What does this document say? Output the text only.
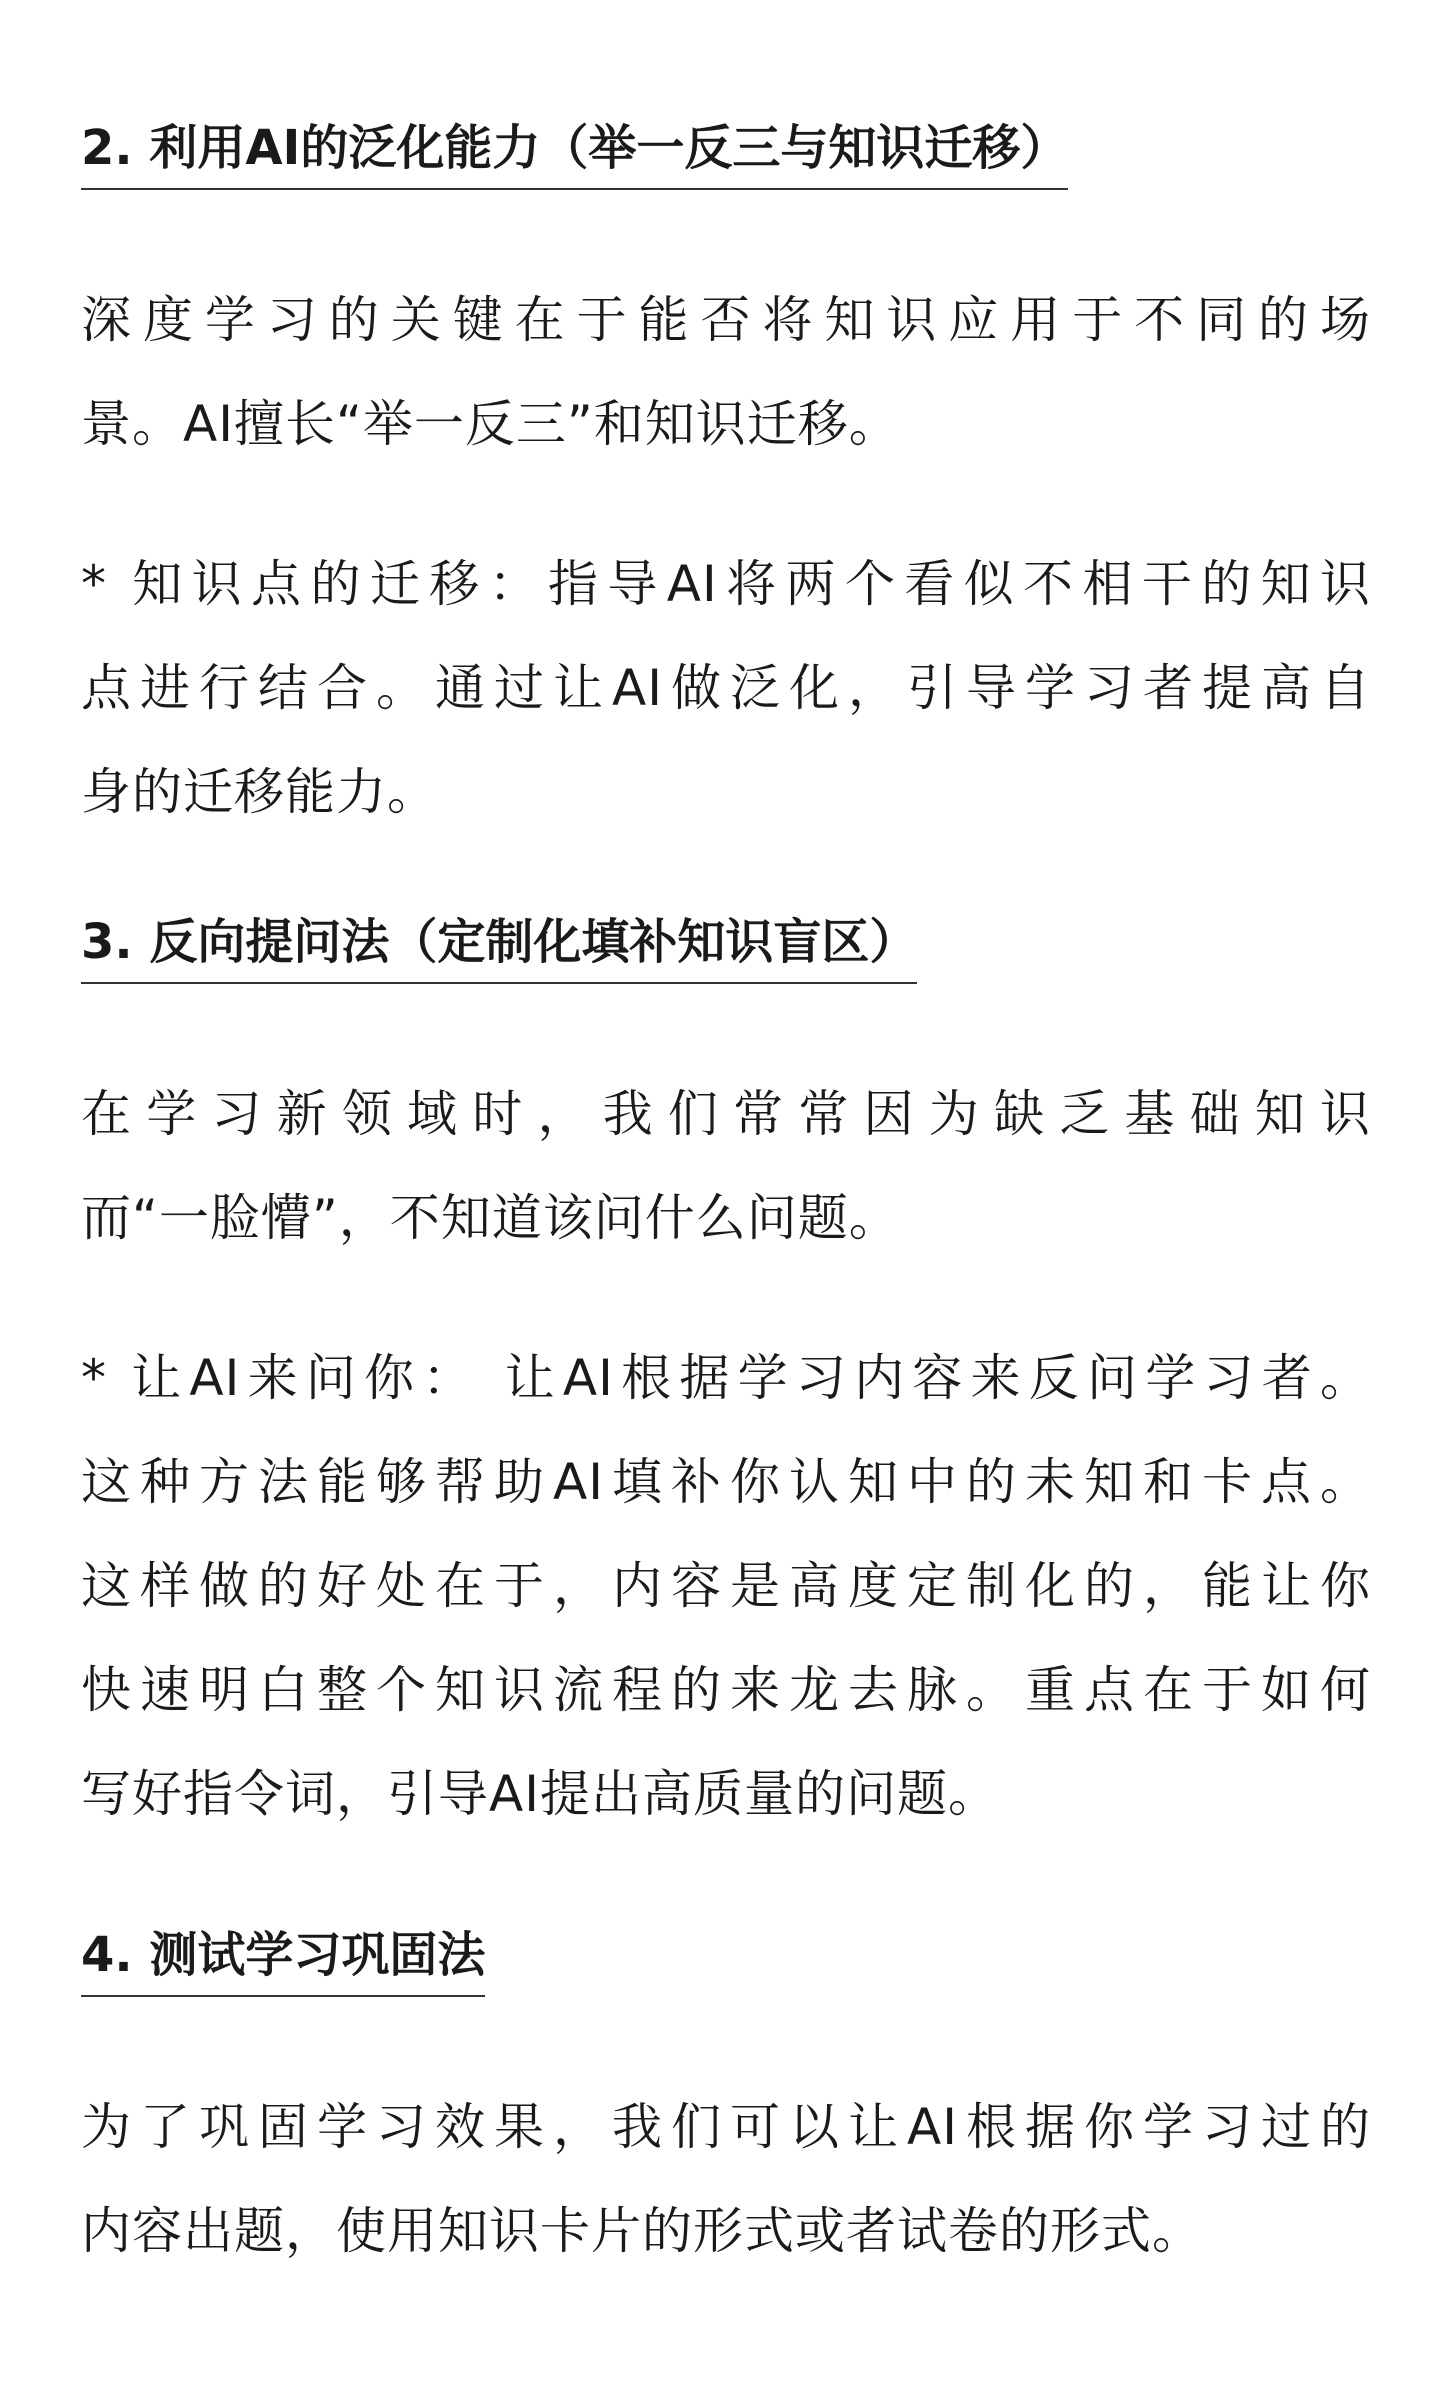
2. 利用AI的泛化能力（举一反三与知识迁移）
深度学习的关键在于能否将知识应用于不同的场
景。AI擅长“举一反三”和知识迁移。
* 知识点的迁移：指导AI将两个看似不相干的知识
点进行结合。通过让AI做泛化，引导学习者提高自
身的迁移能力。
3. 反向提问法（定制化填补知识盲区）
在学习新领域时，我们常常因为缺乏基础知识
而“一脸懵”，不知道该问什么问题。
* 让AI来问你： 让AI根据学习内容来反问学习者。
这种方法能够帮助AI填补你认知中的未知和卡点。
这样做的好处在于，内容是高度定制化的，能让你
快速明白整个知识流程的来龙去脉。重点在于如何
写好指令词，引导AI提出高质量的问题。
4. 测试学习巩固法
为了巩固学习效果，我们可以让AI根据你学习过的
内容出题，使用知识卡片的形式或者试卷的形式。
